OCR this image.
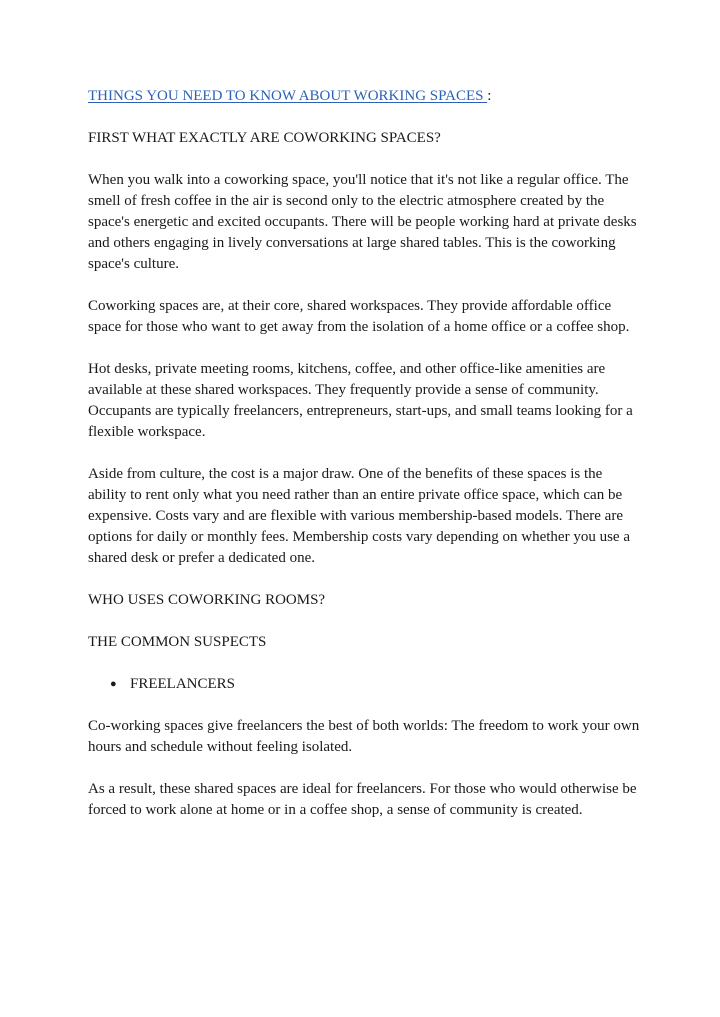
THINGS YOU NEED TO KNOW ABOUT WORKING SPACES :

FIRST WHAT EXACTLY ARE COWORKING SPACES?

When you walk into a coworking space, you'll notice that it's not like a regular office. The smell of fresh coffee in the air is second only to the electric atmosphere created by the space's energetic and excited occupants. There will be people working hard at private desks and others engaging in lively conversations at large shared tables. This is the coworking space's culture.

Coworking spaces are, at their core, shared workspaces. They provide affordable office space for those who want to get away from the isolation of a home office or a coffee shop.

Hot desks, private meeting rooms, kitchens, coffee, and other office-like amenities are available at these shared workspaces. They frequently provide a sense of community. Occupants are typically freelancers, entrepreneurs, start-ups, and small teams looking for a flexible workspace.

Aside from culture, the cost is a major draw. One of the benefits of these spaces is the ability to rent only what you need rather than an entire private office space, which can be expensive. Costs vary and are flexible with various membership-based models. There are options for daily or monthly fees. Membership costs vary depending on whether you use a shared desk or prefer a dedicated one.

WHO USES COWORKING ROOMS?

THE COMMON SUSPECTS

● FREELANCERS

Co-working spaces give freelancers the best of both worlds: The freedom to work your own hours and schedule without feeling isolated.

As a result, these shared spaces are ideal for freelancers. For those who would otherwise be forced to work alone at home or in a coffee shop, a sense of community is created.
